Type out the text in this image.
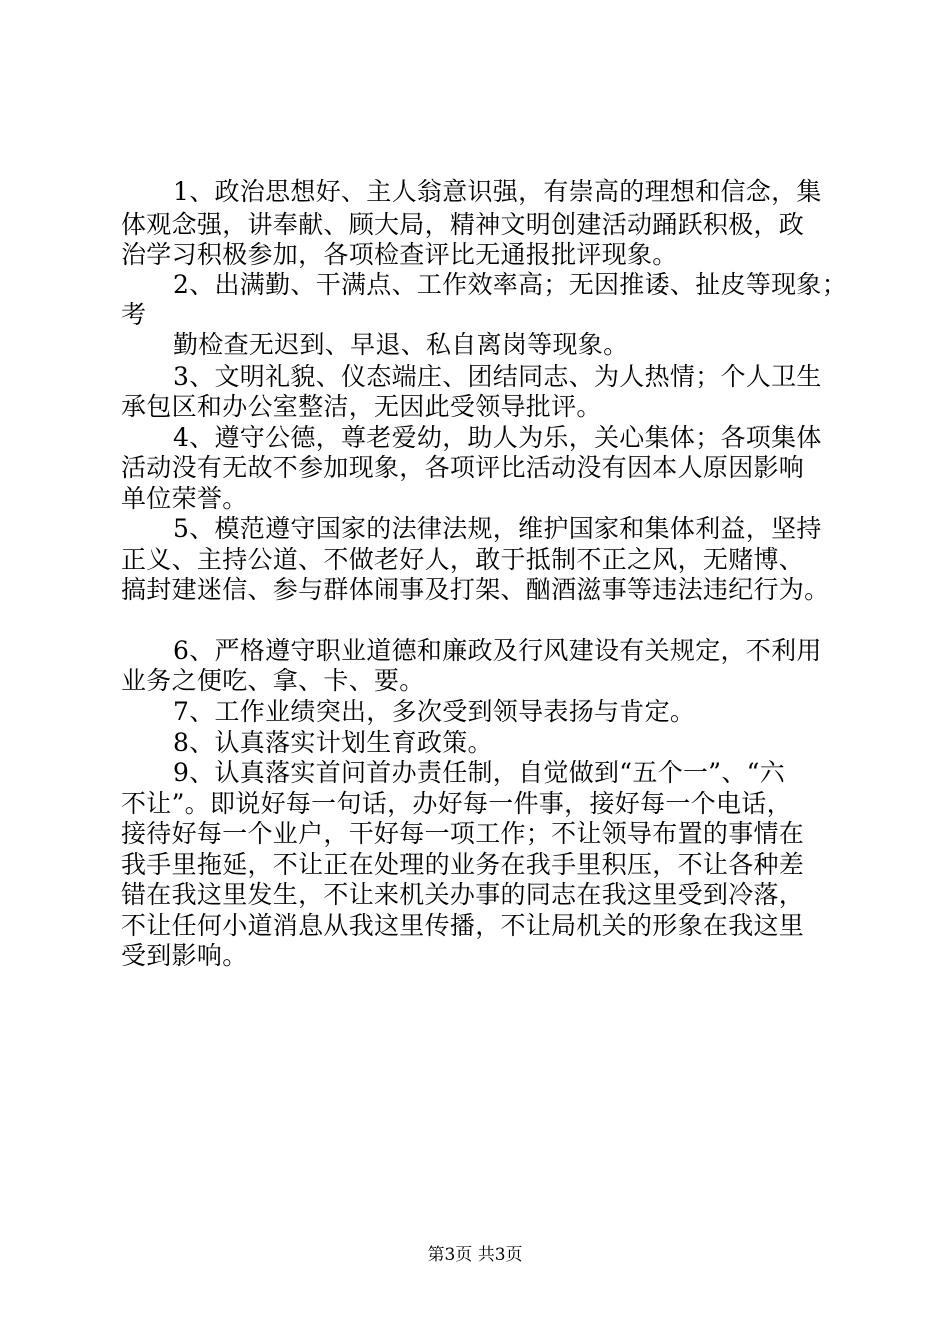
1、政治思想好、主人翁意识强，有崇高的理想和信念，集
体观念强，讲奉献、顾大局，精神文明创建活动踊跃积极，政
治学习积极参加，各项检查评比无通报批评现象。
2、出满勤、干满点、工作效率高；无因推诿、扯皮等现象；
考
勤检查无迟到、早退、私自离岗等现象。
3、文明礼貌、仪态端庄、团结同志、为人热情；个人卫生
承包区和办公室整洁，无因此受领导批评。
4、遵守公德，尊老爱幼，助人为乐，关心集体；各项集体
活动没有无故不参加现象，各项评比活动没有因本人原因影响
单位荣誉。
5、模范遵守国家的法律法规，维护国家和集体利益，坚持
正义、主持公道、不做老好人，敢于抵制不正之风，无赌博、
搞封建迷信、参与群体闹事及打架、酗酒滋事等违法违纪行为。
6、严格遵守职业道德和廉政及行风建设有关规定，不利用
业务之便吃、拿、卡、要。
7、工作业绩突出，多次受到领导表扬与肯定。
8、认真落实计划生育政策。
9、认真落实首问首办责任制，自觉做到“五个一”、“六
不让”。即说好每一句话，办好每一件事，接好每一个电话，
接待好每一个业户，干好每一项工作；不让领导布置的事情在
我手里拖延，不让正在处理的业务在我手里积压，不让各种差
错在我这里发生，不让来机关办事的同志在我这里受到冷落，
不让任何小道消息从我这里传播，不让局机关的形象在我这里
受到影响。
第3页 共3页
